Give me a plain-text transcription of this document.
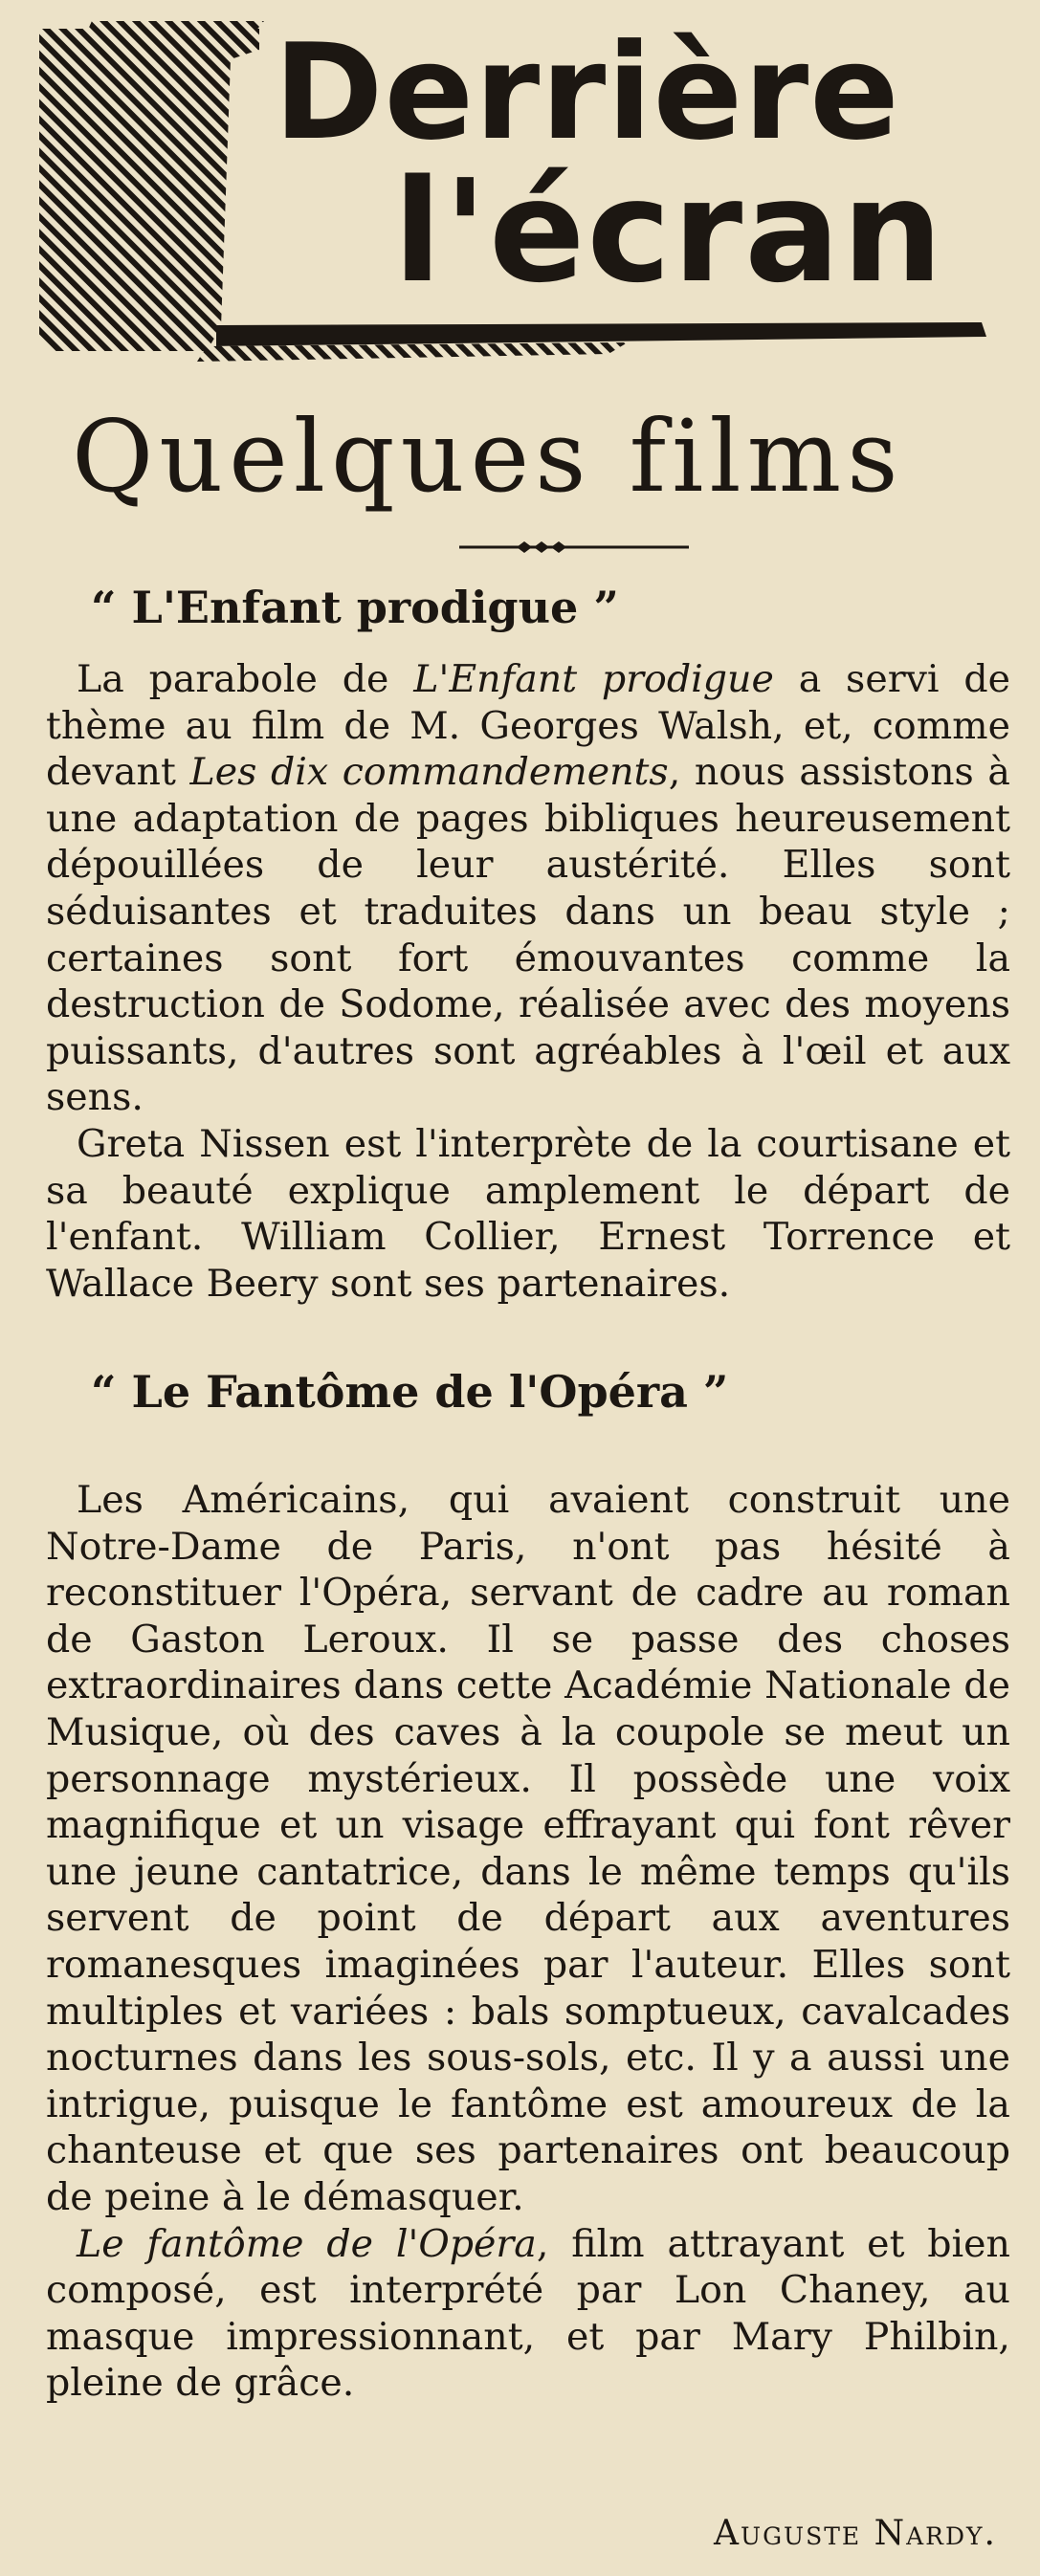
Derrière
l'écran
Quelques films
“ L'Enfant prodigue ”

La parabole de L'Enfant prodigue a servi de thème au film de M. Georges Walsh, et, comme devant Les dix commandements, nous assistons à une adaptation de pages bibliques heureusement dépouillées de leur austérité. Elles sont séduisantes et traduites dans un beau style ; certaines sont fort émouvantes comme la destruction de Sodome, réalisée avec des moyens puissants, d'autres sont agréables à l'œil et aux sens.

Greta Nissen est l'interprète de la courtisane et sa beauté explique amplement le départ de l'enfant. William Collier, Ernest Torrence et Wallace Beery sont ses partenaires.

“ Le Fantôme de l'Opéra ”

Les Américains, qui avaient construit une Notre-Dame de Paris, n'ont pas hésité à reconstituer l'Opéra, servant de cadre au roman de Gaston Leroux. Il se passe des choses extraordinaires dans cette Académie Nationale de Musique, où des caves à la coupole se meut un personnage mystérieux. Il possède une voix magnifique et un visage effrayant qui font rêver une jeune cantatrice, dans le même temps qu'ils servent de point de départ aux aventures romanesques imaginées par l'auteur. Elles sont multiples et variées : bals somptueux, cavalcades nocturnes dans les sous-sols, etc. Il y a aussi une intrigue, puisque le fantôme est amoureux de la chanteuse et que ses partenaires ont beaucoup de peine à le démasquer.

Le fantôme de l'Opéra, film attrayant et bien composé, est interprété par Lon Chaney, au masque impressionnant, et par Mary Philbin, pleine de grâce.

Auguste Nardy.
